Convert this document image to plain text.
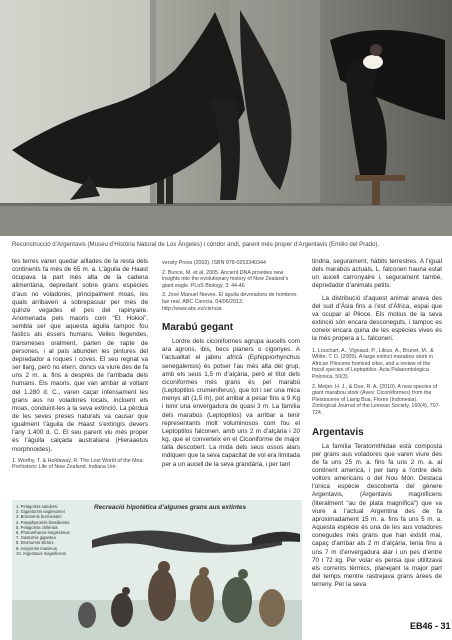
Reconstrucció d’Argentavis (Museu d’Història Natural de Los Àngeles) i còndor andí, parent més proper d’Argentavis (Emilio del Prado).

tes terres varen quedar aïllades de la resta dels continents fa més de 65 m. a. L’àguila de Haast ocupava la part més alta de la cadena alimentària, depredant sobre grans espècies d’aus no voladores, principalment moas, les quals arribaven a sobrepassar per més de quinze vegades el pes del rapinyaire. Anomenada pels maoris com “Et Hokioi”, sembla ser que aquesta àguila tampoc fou fastics als éssers humans. Velles llegendes, transmeses oralment, parlen de rapte de persones, i al país abunden les pintures del depredador a roques i coves. El seu regnat va ser llarg, però no etern, doncs va viure des de fa uns 2 m. a. fins a després de l’arribada dels humans. Els maoris, que van arribar al voltant del 1.280 d. C., varen caçar intensament les grans aus no voladores locals, incloent els moas, conduint-les a la seva extinció. La pèrdua de les seves preses naturals va causar que igualment l’àguila de Haast s’extingís devers l’any 1.400 d. C. El seu parent viu més proper és l’àguila calçada australiana (Hieraaetus morphnoides).

1. Worthy, T. & Holdaway, R. The Lost World of the Moa: Prehistoric Life of New Zealand. Indiana Uni-

Recreació hipotètica d’algunes grans aus extintes
1. Pelagornis sandersi
2. Gigantornis eaglesomei
3. Brontornis burmeisteri
4. Paraphysornis brasiliensis
5. Pelagornis chilensis
6. Phorusrhacos longissimus
7. Gastornis gigantea
8. Dromornis stirtoni
9. Aepyornis maximus
10. Argentavis magnificens

versity Press (2003). ISBN 978-0253340344

2. Bunce, M. et al. 2005. Ancient DNA provides new insights into the evolutionary history of New Zealand’s giant eagle. PLoS Biology, 3: 44-46

3. José Manuel Nieves. El águila devoradora de hombres fue real. ABC Ciencia. 04/06/2013. http://www.abc.es/ciencia

Marabú gegant

Lordre dels ciconiformes agrupa aucells com ara agrons, ibis, becs planers o cigonyes. A l’actualitat el jabiru africà (Ephippiorhynchus senegalensis) és potser l’au més alta del grup, amb els seus 1,5 m d’alçària, però el títol dels ciconiformes més grans és pel marabú (Leptoptilos crumeniferus), que tot i ser una mica menys alt (1,5 m), pot arribar a pesar fins a 9 Kg i tenir una envergadura de quasi 3 m. La família dels marabús (Leptoptilos) va arribar a tenir representants molt voluminosos com fou el Leptoptilos falconeri, amb uns 2 m d’alçària i 20 kg, que el converteix en el Ciconiforme de major talla descobert. La mida dels seus ossos alars indiquen que la seva capacitat de vol era limitada per a un aucell de la seva grandària, i per tant

tindria, segurament, hàbits terrestres. A l’igual dels marabús actuals, L. falconeri hauria estat un aucell carronyaire i, segurament també, depredador d’animals petits.

La distribució d’aquest animal anava des del sud d’Àsia fins a l’est d’Àfrica, espai que va ocupar al Plioce. Els motius de la seva extinció són encara desconeguts, i tampoc es coneix encara quina de les espècies vives és la més propera a L. falconeri.

1. Louchart, A., Vignaud, P., Likius, A., Brunet, M., & White, T. D. (2005). A large extinct marabou stork in African Pliocene hominid sites, and a review of the fossil species of Leptoptilos. Acta Palaeontologica Polonica, 50(3).

2. Meijer, H. J., & Due, R. A. (2010). A new species of giant marabou stork (Aves: Ciconiiformes) from the Pleistocene of Liang Bua, Flores (Indonesia). Zoological Journal of the Linnean Society, 160(4), 707-724.

Argentavis

La família Teratornithidae està composta per grans aus voladores que varen viure des de fa uns 25 m. a. fins fa uns 2 m. a. al continent americà, i per tany a l’ordre dels voltors americans o del Nou Món. Destaca l’única espècie descoberta del gènere Argentavis, (Argentavis magnificens (literalment “au de plata magnífica”) que va viure a l’actual Argentina des de fa aproximadament 15 m. a. fins fa uns 5 m. a. Aquesta espècie és una de les aus voladores conegudes més grans que han existit mai, capaç d’arribar als 2 m d’alçària, tenia fins a uns 7 m d’envergadura alar i un pes d’entre 70 i 72 kg. Per volar es pensa que utilitzava els corrents tèrmics, planejant la major part del temps mentre rastrejava grans àrees de terreny. Per la seva

EB46 - 31
